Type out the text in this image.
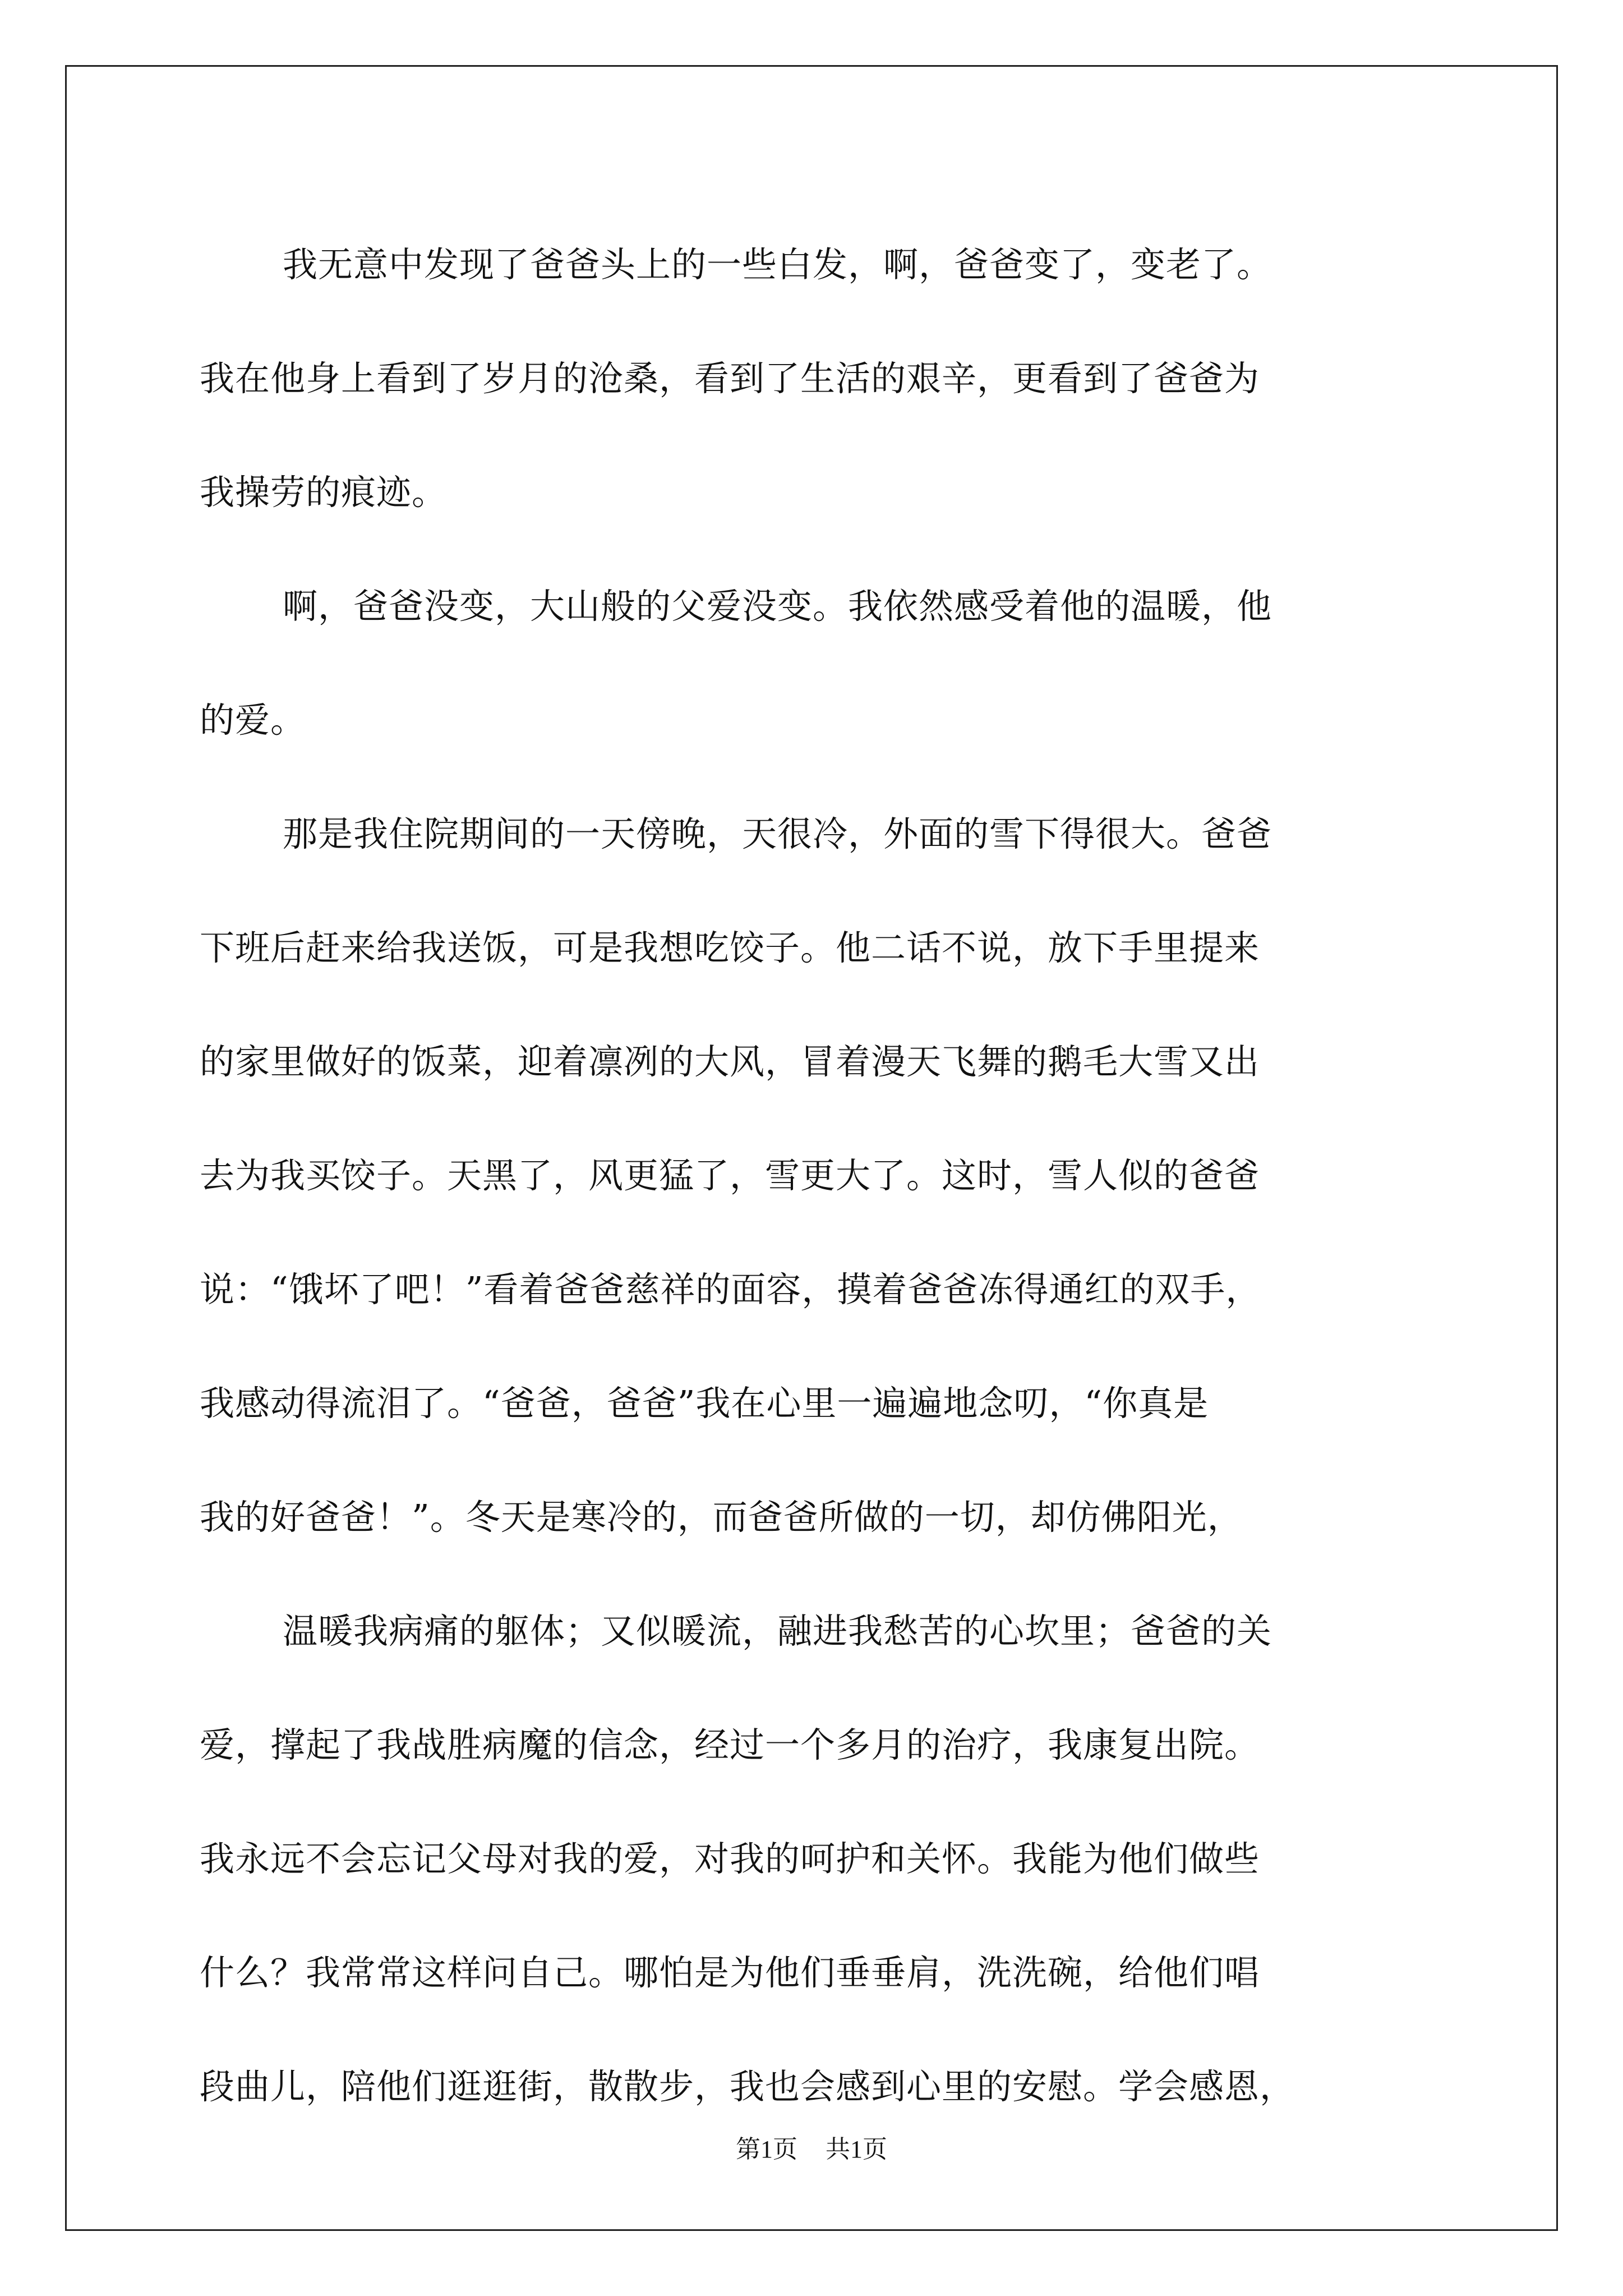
我无意中发现了爸爸头上的一些白发，啊，爸爸变了，变老了。
我在他身上看到了岁月的沧桑，看到了生活的艰辛，更看到了爸爸为
我操劳的痕迹。
啊，爸爸没变，大山般的父爱没变。我依然感受着他的温暖，他
的爱。
那是我住院期间的一天傍晚，天很冷，外面的雪下得很大。爸爸
下班后赶来给我送饭，可是我想吃饺子。他二话不说，放下手里提来
的家里做好的饭菜，迎着凛冽的大风，冒着漫天飞舞的鹅毛大雪又出
去为我买饺子。天黑了，风更猛了，雪更大了。这时，雪人似的爸爸
说：“饿坏了吧！”看着爸爸慈祥的面容，摸着爸爸冻得通红的双手，
我感动得流泪了。“爸爸，爸爸”我在心里一遍遍地念叨，“你真是
我的好爸爸！”。冬天是寒冷的，而爸爸所做的一切，却仿佛阳光，
温暖我病痛的躯体；又似暖流，融进我愁苦的心坎里；爸爸的关
爱，撑起了我战胜病魔的信念，经过一个多月的治疗，我康复出院。
我永远不会忘记父母对我的爱，对我的呵护和关怀。我能为他们做些
什么？我常常这样问自己。哪怕是为他们垂垂肩，洗洗碗，给他们唱
段曲儿，陪他们逛逛街，散散步，我也会感到心里的安慰。学会感恩，
第1页 共1页
